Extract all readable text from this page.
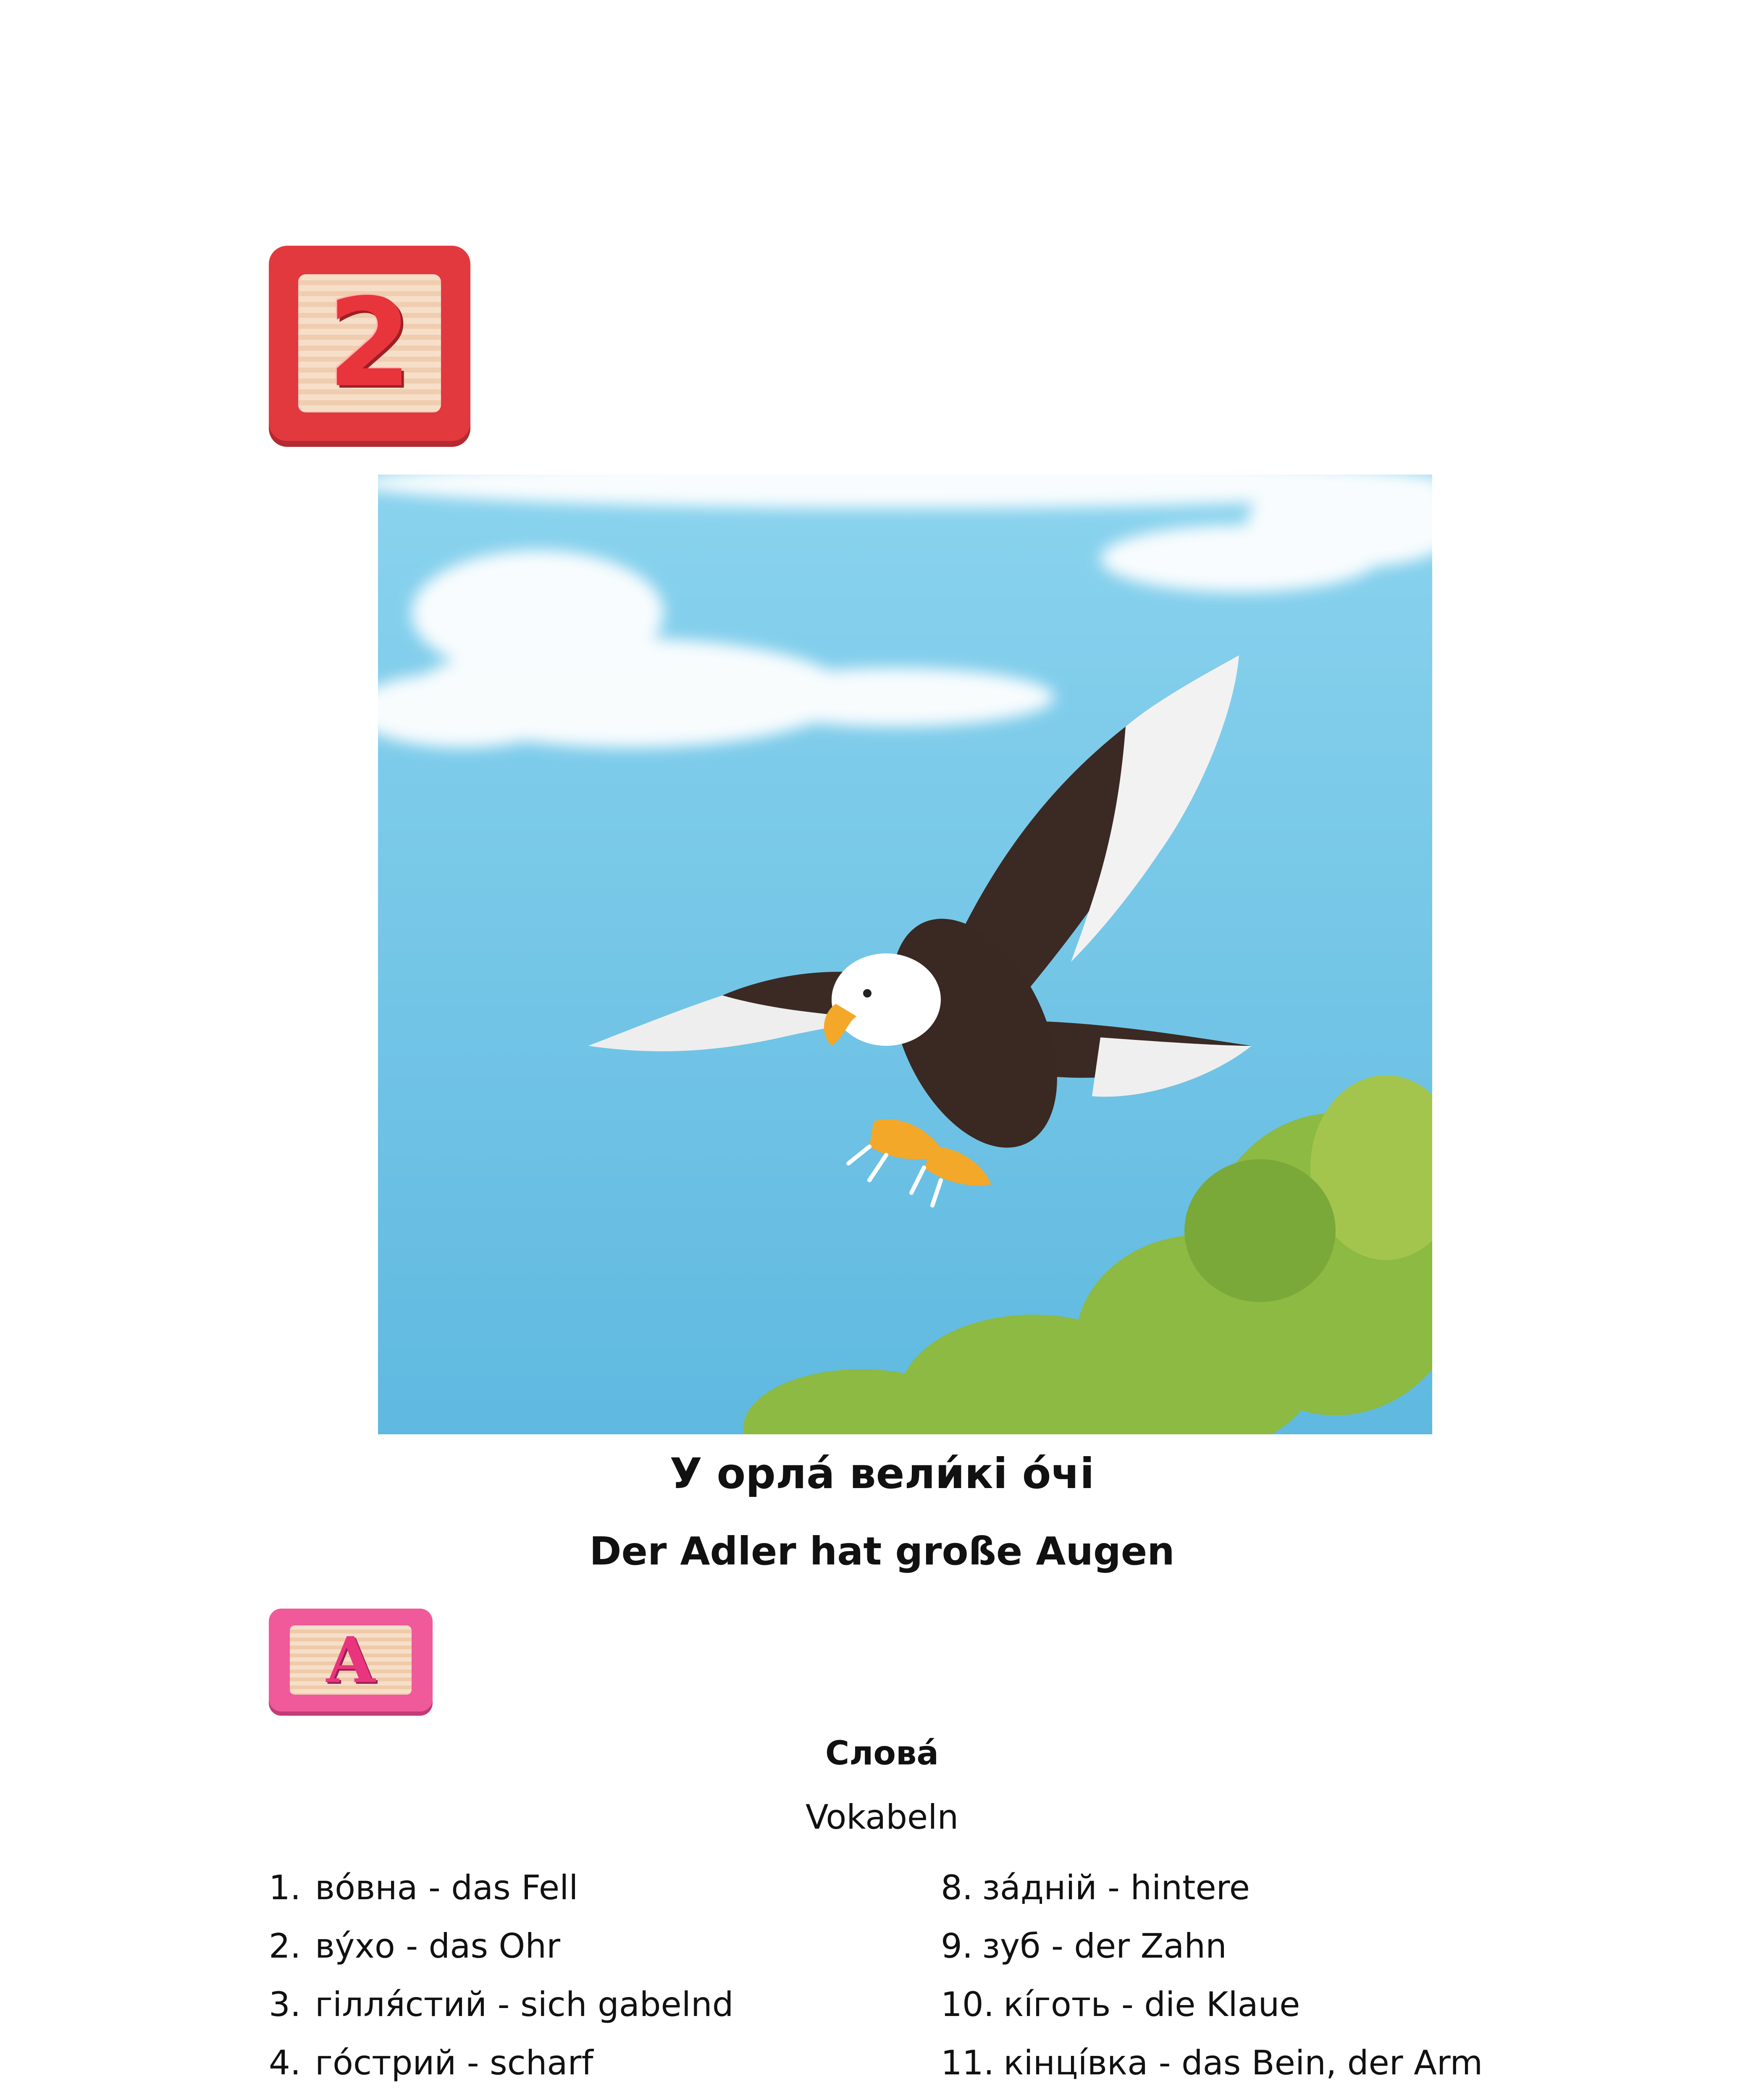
2
У орлá вели́кі óчі
Der Adler hat große Augen
A
Словá
Vokabeln
1. вóвна - das Fell
2. вýхо - das Ohr
3. гілля́стий - sich gabelnd
4. гóстрий - scharf
8. зáдній - hintere
9. зуб - der Zahn
10. кíготь - die Klaue
11. кінцíвка - das Bein, der Arm
